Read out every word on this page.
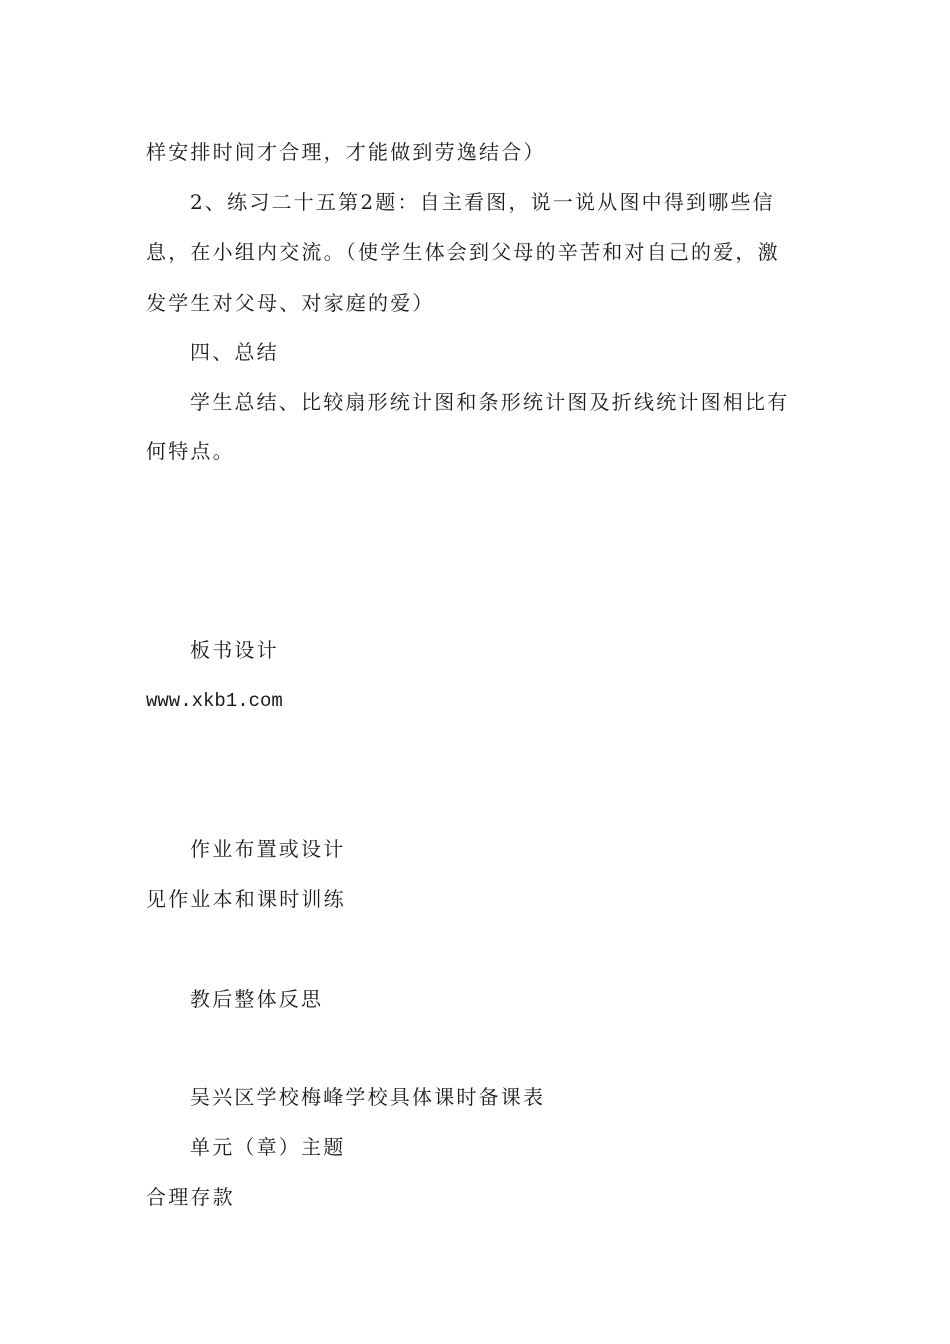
样安排时间才合理，才能做到劳逸结合）
2、练习二十五第2题：自主看图，说一说从图中得到哪些信
息，在小组内交流。（使学生体会到父母的辛苦和对自己的爱，激
发学生对父母、对家庭的爱）
四、总结
学生总结、比较扇形统计图和条形统计图及折线统计图相比有
何特点。
板书设计
www.xkb1.com
作业布置或设计
见作业本和课时训练
教后整体反思
吴兴区学校梅峰学校具体课时备课表
单元（章）主题
合理存款
